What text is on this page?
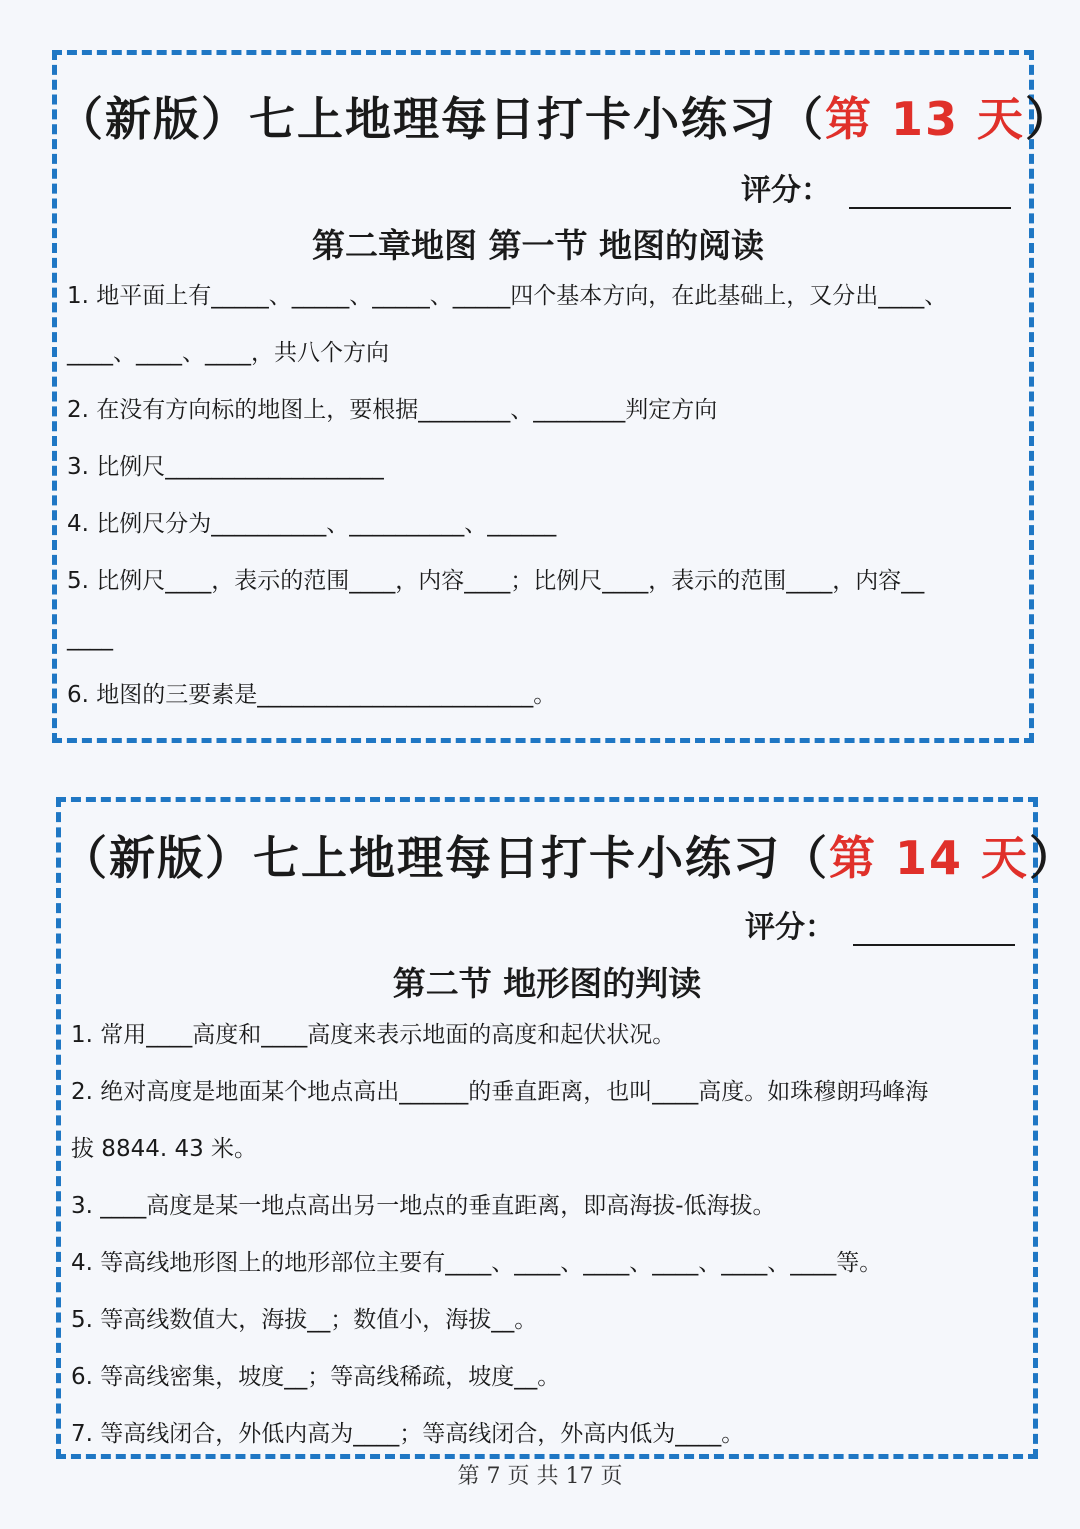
（新版）七上地理每日打卡小练习（第 13 天）
评分：
第二章地图 第一节 地图的阅读
1. 地平面上有_____、_____、_____、_____四个基本方向，在此基础上，又分出____、
____、____、____，共八个方向
2. 在没有方向标的地图上，要根据________、________判定方向
3. 比例尺___________________
4. 比例尺分为__________、__________、______
5. 比例尺____，表示的范围____，内容____；比例尺____，表示的范围____，内容__
____
6. 地图的三要素是________________________。
（新版）七上地理每日打卡小练习（第 14 天）
评分：
第二节 地形图的判读
1. 常用____高度和____高度来表示地面的高度和起伏状况。
2. 绝对高度是地面某个地点高出______的垂直距离，也叫____高度。如珠穆朗玛峰海
拔 8844. 43 米。
3. ____高度是某一地点高出另一地点的垂直距离，即高海拔-低海拔。
4. 等高线地形图上的地形部位主要有____、____、____、____、____、____等。
5. 等高线数值大，海拔__；数值小，海拔__。
6. 等高线密集，坡度__；等高线稀疏，坡度__。
7. 等高线闭合，外低内高为____；等高线闭合，外高内低为____。
第 7 页 共 17 页
